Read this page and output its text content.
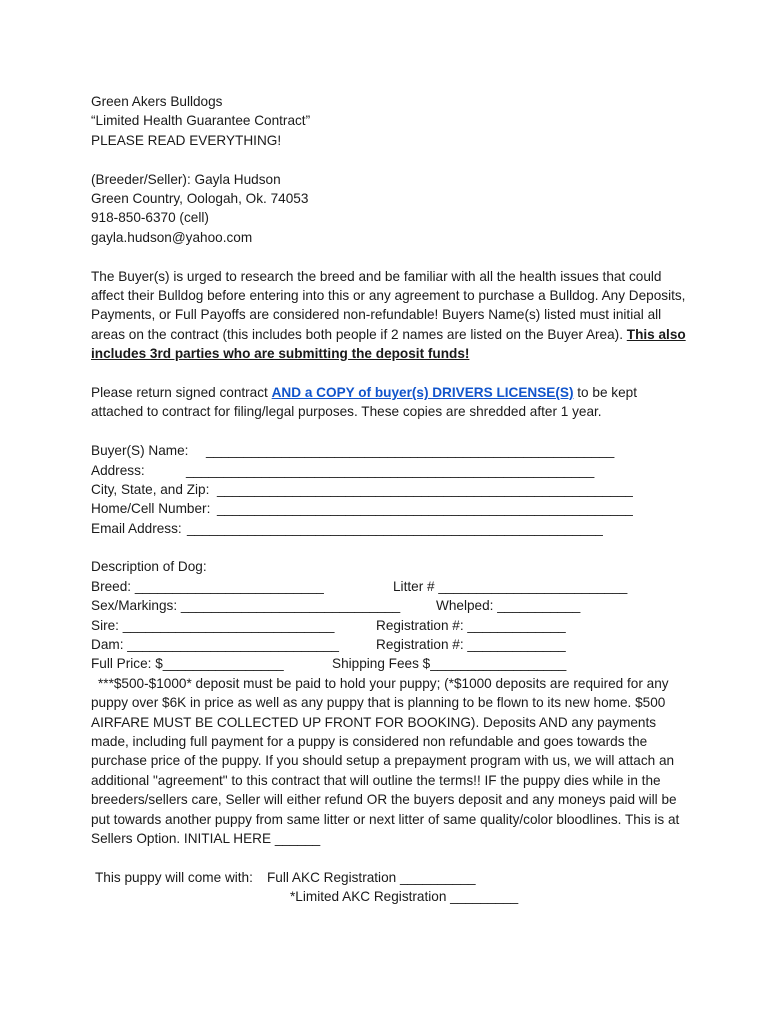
Green Akers Bulldogs
“Limited Health Guarantee Contract”
PLEASE READ EVERYTHING!
(Breeder/Seller): Gayla Hudson
Green Country, Oologah, Ok. 74053
918-850-6370 (cell)
gayla.hudson@yahoo.com
The Buyer(s) is urged to research the breed and be familiar with all the health issues that could affect their Bulldog before entering into this or any agreement to purchase a Bulldog. Any Deposits, Payments, or Full Payoffs are considered non-refundable! Buyers Name(s) listed must initial all areas on the contract (this includes both people if 2 names are listed on the Buyer Area). This also includes 3rd parties who are submitting the deposit funds!
Please return signed contract AND a COPY of buyer(s) DRIVERS LICENSE(S) to be kept attached to contract for filing/legal purposes. These copies are shredded after 1 year.
Buyer(S) Name: ______________________________________________________
Address:	______________________________________________________
City, State, and Zip: _______________________________________________________
Home/Cell Number: _______________________________________________________
Email Address: _______________________________________________________
Description of Dog:
Breed: _________________________	Litter # _________________________
Sex/Markings: _____________________________	Whelped: ___________
Sire: ____________________________	Registration #: _____________
Dam: ____________________________	Registration #: _____________
Full Price: $________________	Shipping Fees $__________________
***$500-$1000* deposit must be paid to hold your puppy; (*$1000 deposits are required for any puppy over $6K in price as well as any puppy that is planning to be flown to its new home. $500 AIRFARE MUST BE COLLECTED UP FRONT FOR BOOKING). Deposits AND any payments made, including full payment for a puppy is considered non refundable and goes towards the purchase price of the puppy. If you should setup a prepayment program with us, we will attach an additional "agreement" to this contract that will outline the terms!! IF the puppy dies while in the breeders/sellers care, Seller will either refund OR the buyers deposit and any moneys paid will be put towards another puppy from same litter or next litter of same quality/color bloodlines. This is at Sellers Option. INITIAL HERE ______
This puppy will come with: Full AKC Registration __________
*Limited AKC Registration _________
